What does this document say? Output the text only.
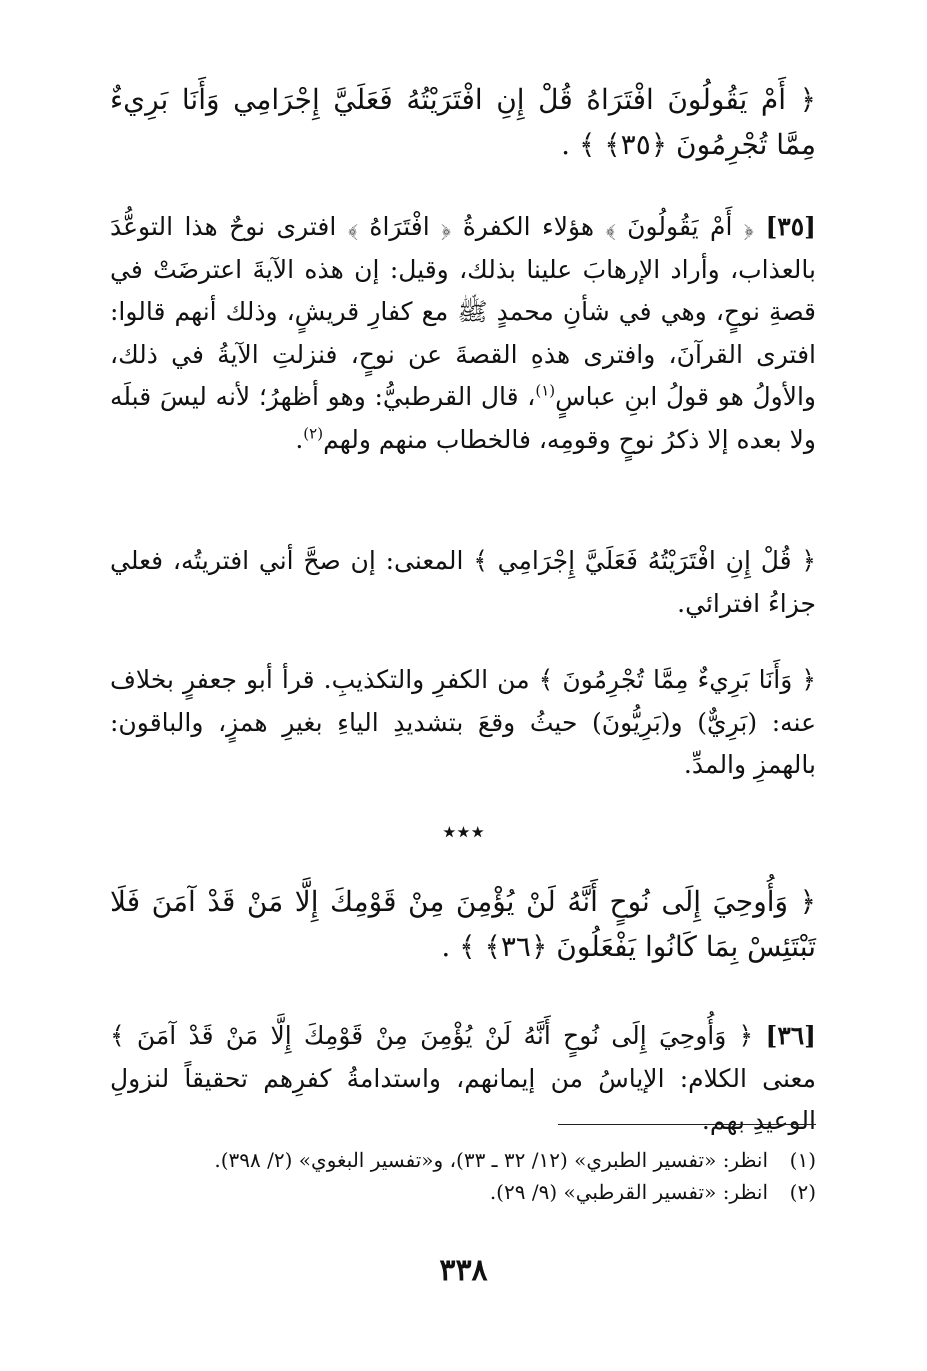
﴿ أَمْ يَقُولُونَ افْتَرَاهُ قُلْ إِنِ افْتَرَيْتُهُ فَعَلَيَّ إِجْرَامِي وَأَنَا بَرِيءٌ مِمَّا تُجْرِمُونَ ﴿٣٥﴾ ﴾ .
[٣٥] ﴿ أَمْ يَقُولُونَ ﴾ هؤلاء الكفرةُ ﴿ افْتَرَاهُ ﴾ افترى نوحٌ هذا التوعُّدَ بالعذاب، وأراد الإرهابَ علينا بذلك، وقيل: إن هذه الآيةَ اعترضَتْ في قصةِ نوحٍ، وهي في شأنِ محمدٍ ﷺ مع كفارِ قريشٍ، وذلك أنهم قالوا: افترى القرآنَ، وافترى هذهِ القصةَ عن نوحٍ، فنزلتِ الآيةُ في ذلك، والأولُ هو قولُ ابنِ عباسٍ$^{(١)}$، قال القرطبيُّ: وهو أظهرُ؛ لأنه ليسَ قبلَه ولا بعده إلا ذكرُ نوحٍ وقومِه، فالخطاب منهم ولهم$^{(٢)}$.
﴿ قُلْ إِنِ افْتَرَيْتُهُ فَعَلَيَّ إِجْرَامِي ﴾ المعنى: إن صحَّ أني افتريتُه، فعلي جزاءُ افترائي.
﴿ وَأَنَا بَرِيءٌ مِمَّا تُجْرِمُونَ ﴾ من الكفرِ والتكذيبِ. قرأ أبو جعفرٍ بخلاف عنه: (بَرِيٌّ) و(بَرِيُّونَ) حيثُ وقعَ بتشديدِ الياءِ بغيرِ همزٍ، والباقون: بالهمزِ والمدِّ.
٭٭٭
﴿ وَأُوحِيَ إِلَى نُوحٍ أَنَّهُ لَنْ يُؤْمِنَ مِنْ قَوْمِكَ إِلَّا مَنْ قَدْ آمَنَ فَلَا تَبْتَئِسْ بِمَا كَانُوا يَفْعَلُونَ ﴿٣٦﴾ ﴾ .
[٣٦] ﴿ وَأُوحِيَ إِلَى نُوحٍ أَنَّهُ لَنْ يُؤْمِنَ مِنْ قَوْمِكَ إِلَّا مَنْ قَدْ آمَنَ ﴾ معنى الكلام: الإياسُ من إيمانهم، واستدامةُ كفرِهم تحقيقاً لنزولِ الوعيدِ بهم.
(١)انظر: «تفسير الطبري» (١٢/ ٣٢ ـ ٣٣)، و«تفسير البغوي» (٢/ ٣٩٨).
(٢)انظر: «تفسير القرطبي» (٩/ ٢٩).
٣٣٨
